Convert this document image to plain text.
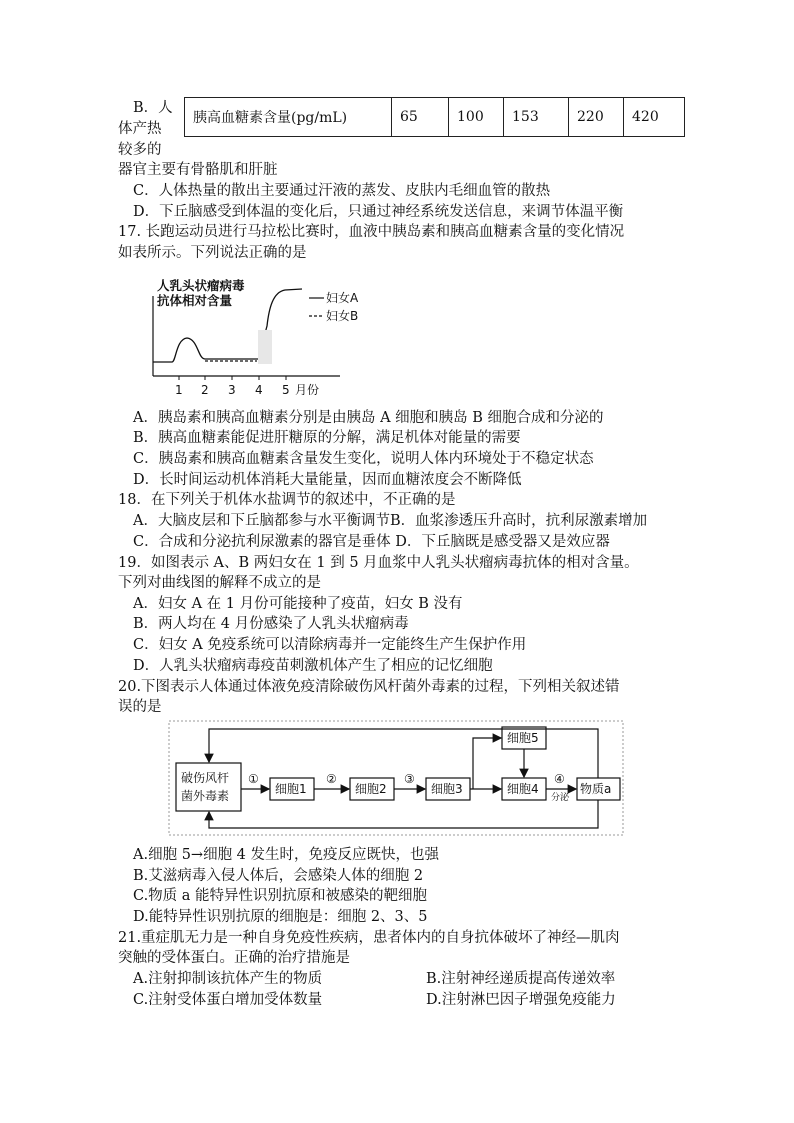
胰高血糖素含量(pg/mL)	65	100	153	220	420
B．人
体产热
较多的
器官主要有骨骼肌和肝脏
C．人体热量的散出主要通过汗液的蒸发、皮肤内毛细血管的散热
D．下丘脑感受到体温的变化后，只通过神经系统发送信息，来调节体温平衡
17. 长跑运动员进行马拉松比赛时，血液中胰岛素和胰高血糖素含量的变化情况
如表所示。下列说法正确的是
人乳头状瘤病毒
抗体相对含量	妇女A
妇女B
1 2 3 4 5 月份
A．胰岛素和胰高血糖素分别是由胰岛 A 细胞和胰岛 B 细胞合成和分泌的
B．胰高血糖素能促进肝糖原的分解，满足机体对能量的需要
C．胰岛素和胰高血糖素含量发生变化，说明人体内环境处于不稳定状态
D．长时间运动机体消耗大量能量，因而血糖浓度会不断降低
18．在下列关于机体水盐调节的叙述中，不正确的是
A．大脑皮层和下丘脑都参与水平衡调节B．血浆渗透压升高时，抗利尿激素增加
C．合成和分泌抗利尿激素的器官是垂体 D．下丘脑既是感受器又是效应器
19．如图表示 A、B 两妇女在 1 到 5 月血浆中人乳头状瘤病毒抗体的相对含量。
下列对曲线图的解释不成立的是
A．妇女 A 在 1 月份可能接种了疫苗，妇女 B 没有
B．两人均在 4 月份感染了人乳头状瘤病毒
C．妇女 A 免疫系统可以清除病毒并一定能终生产生保护作用
D．人乳头状瘤病毒疫苗刺激机体产生了相应的记忆细胞
20.下图表示人体通过体液免疫清除破伤风杆菌外毒素的过程，下列相关叙述错
误的是
破伤风杆
菌外毒素	细胞1	细胞2	细胞3	细胞4
细胞5
物质a
①	②	③	④
分泌
A.细胞 5→细胞 4 发生时，免疫反应既快，也强
B.艾滋病毒入侵人体后，会感染人体的细胞 2
C.物质 a 能特异性识别抗原和被感染的靶细胞
D.能特异性识别抗原的细胞是：细胞 2、3、5
21.重症肌无力是一种自身免疫性疾病，患者体内的自身抗体破坏了神经—肌肉
突触的受体蛋白。正确的治疗措施是
A.注射抑制该抗体产生的物质	B.注射神经递质提高传递效率
C.注射受体蛋白增加受体数量	D.注射淋巴因子增强免疫能力
